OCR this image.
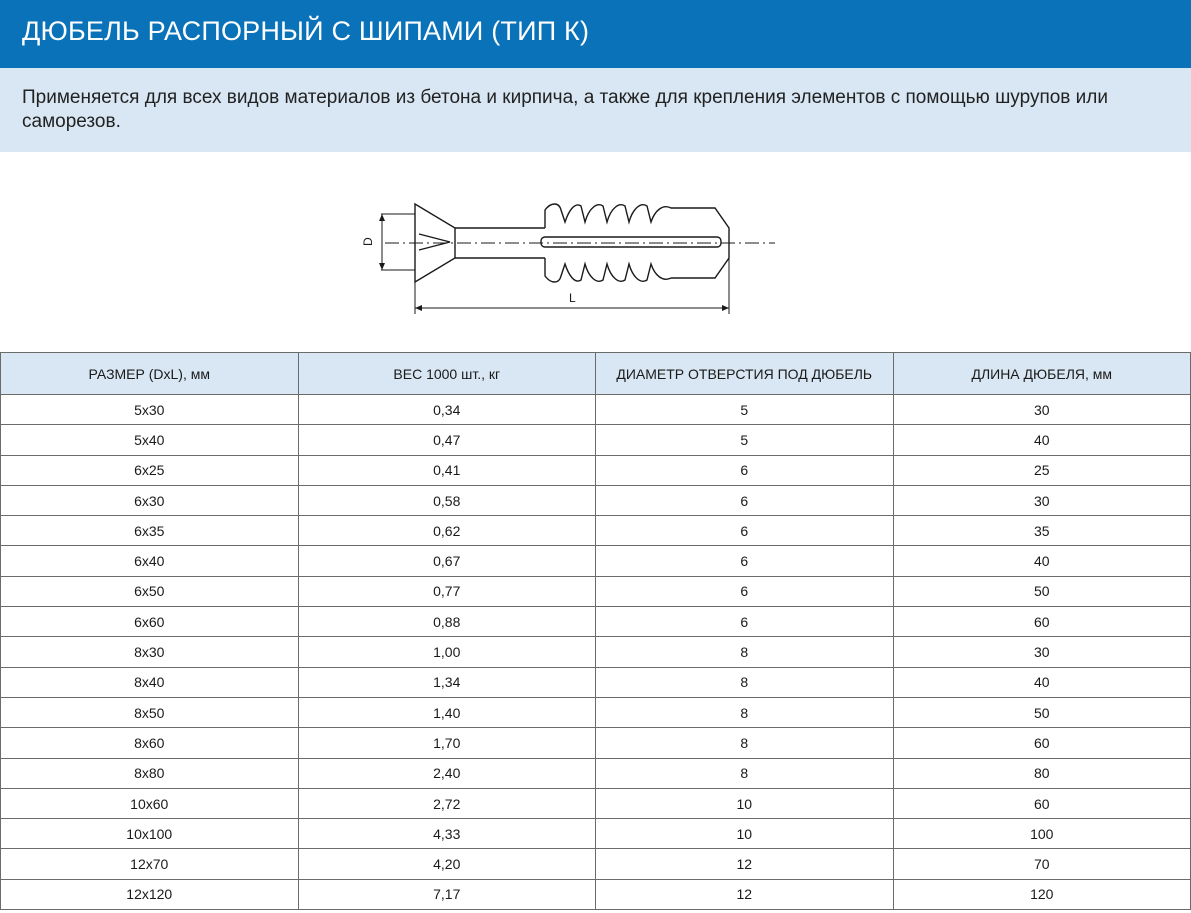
ДЮБЕЛЬ РАСПОРНЫЙ С ШИПАМИ (ТИП К)
Применяется для всех видов материалов из бетона и кирпича, а также для крепления элементов с помощью шурупов или саморезов.
D
L
РАЗМЕР (DxL), мм	ВЕС 1000 шт., кг	ДИАМЕТР ОТВЕРСТИЯ ПОД ДЮБЕЛЬ	ДЛИНА ДЮБЕЛЯ, мм
5x30	0,34	5	30
5x40	0,47	5	40
6x25	0,41	6	25
6x30	0,58	6	30
6x35	0,62	6	35
6x40	0,67	6	40
6x50	0,77	6	50
6x60	0,88	6	60
8x30	1,00	8	30
8x40	1,34	8	40
8x50	1,40	8	50
8x60	1,70	8	60
8x80	2,40	8	80
10x60	2,72	10	60
10x100	4,33	10	100
12x70	4,20	12	70
12x120	7,17	12	120
